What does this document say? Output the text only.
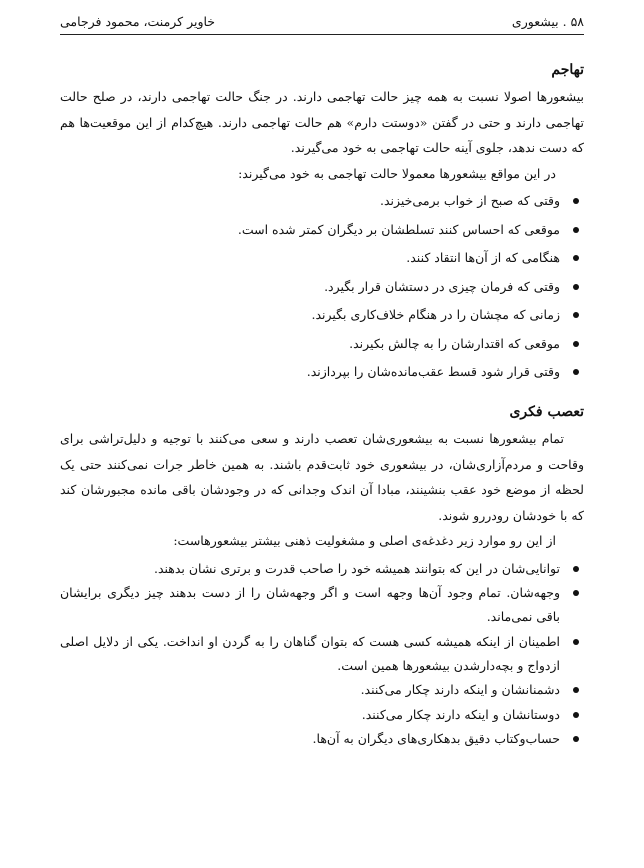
۵۸ . بیشعوری
خاویر کرمنت، محمود فرجامی
تهاجم

بیشعورها اصولا نسبت به همه چیز حالت تهاجمی دارند. در جنگ حالت تهاجمی دارند، در صلح حالت تهاجمی دارند و حتی در گفتن «دوستت دارم» هم حالت تهاجمی دارند. هیچ‌کدام از این موقعیت‌ها هم که دست ندهد، جلوی آینه حالت تهاجمی به خود می‌گیرند.

در این مواقع بیشعورها معمولا حالت تهاجمی به خود می‌گیرند:

وقتی که صبح از خواب برمی‌خیزند.
موقعی که احساس کنند تسلطشان بر دیگران کمتر شده است.
هنگامی که از آن‌ها انتقاد کنند.
وقتی که فرمان چیزی در دستشان قرار بگیرد.
زمانی که مچشان را در هنگام خلاف‌کاری بگیرند.
موقعی که اقتدارشان را به چالش بکیرند.
وقتی قرار شود قسط عقب‌مانده‌شان را بپردازند.
تعصب فکری

تمام بیشعورها نسبت به بیشعوری‌شان تعصب دارند و سعی می‌کنند با توجیه و دلیل‌تراشی برای وقاحت و مردم‌آزاری‌شان، در بیشعوری خود ثابت‌قدم باشند. به همین خاطر جرات نمی‌کنند حتی یک لحظه از موضع خود عقب بنشینند، مبادا آن اندک وجدانی که در وجودشان باقی مانده مجبورشان کند که با خودشان رودررو شوند.

از این رو موارد زیر دغدغه‌ی اصلی و مشغولیت ذهنی بیشتر بیشعورهاست:

توانایی‌شان در این که بتوانند همیشه خود را صاحب قدرت و برتری نشان بدهند.
وجهه‌شان. تمام وجود آن‌ها وجهه است و اگر وجهه‌شان را از دست بدهند چیز دیگری برایشان باقی نمی‌ماند.
اطمینان از اینکه همیشه کسی هست که بتوان گناهان را به گردن او انداخت. یکی از دلایل اصلی ازدواج و بچه‌دارشدن بیشعورها همین است.
دشمنانشان و اینکه دارند چکار می‌کنند.
دوستانشان و اینکه دارند چکار می‌کنند.
حساب‌وکتاب دقیق بدهکاری‌های دیگران به آن‌ها.
